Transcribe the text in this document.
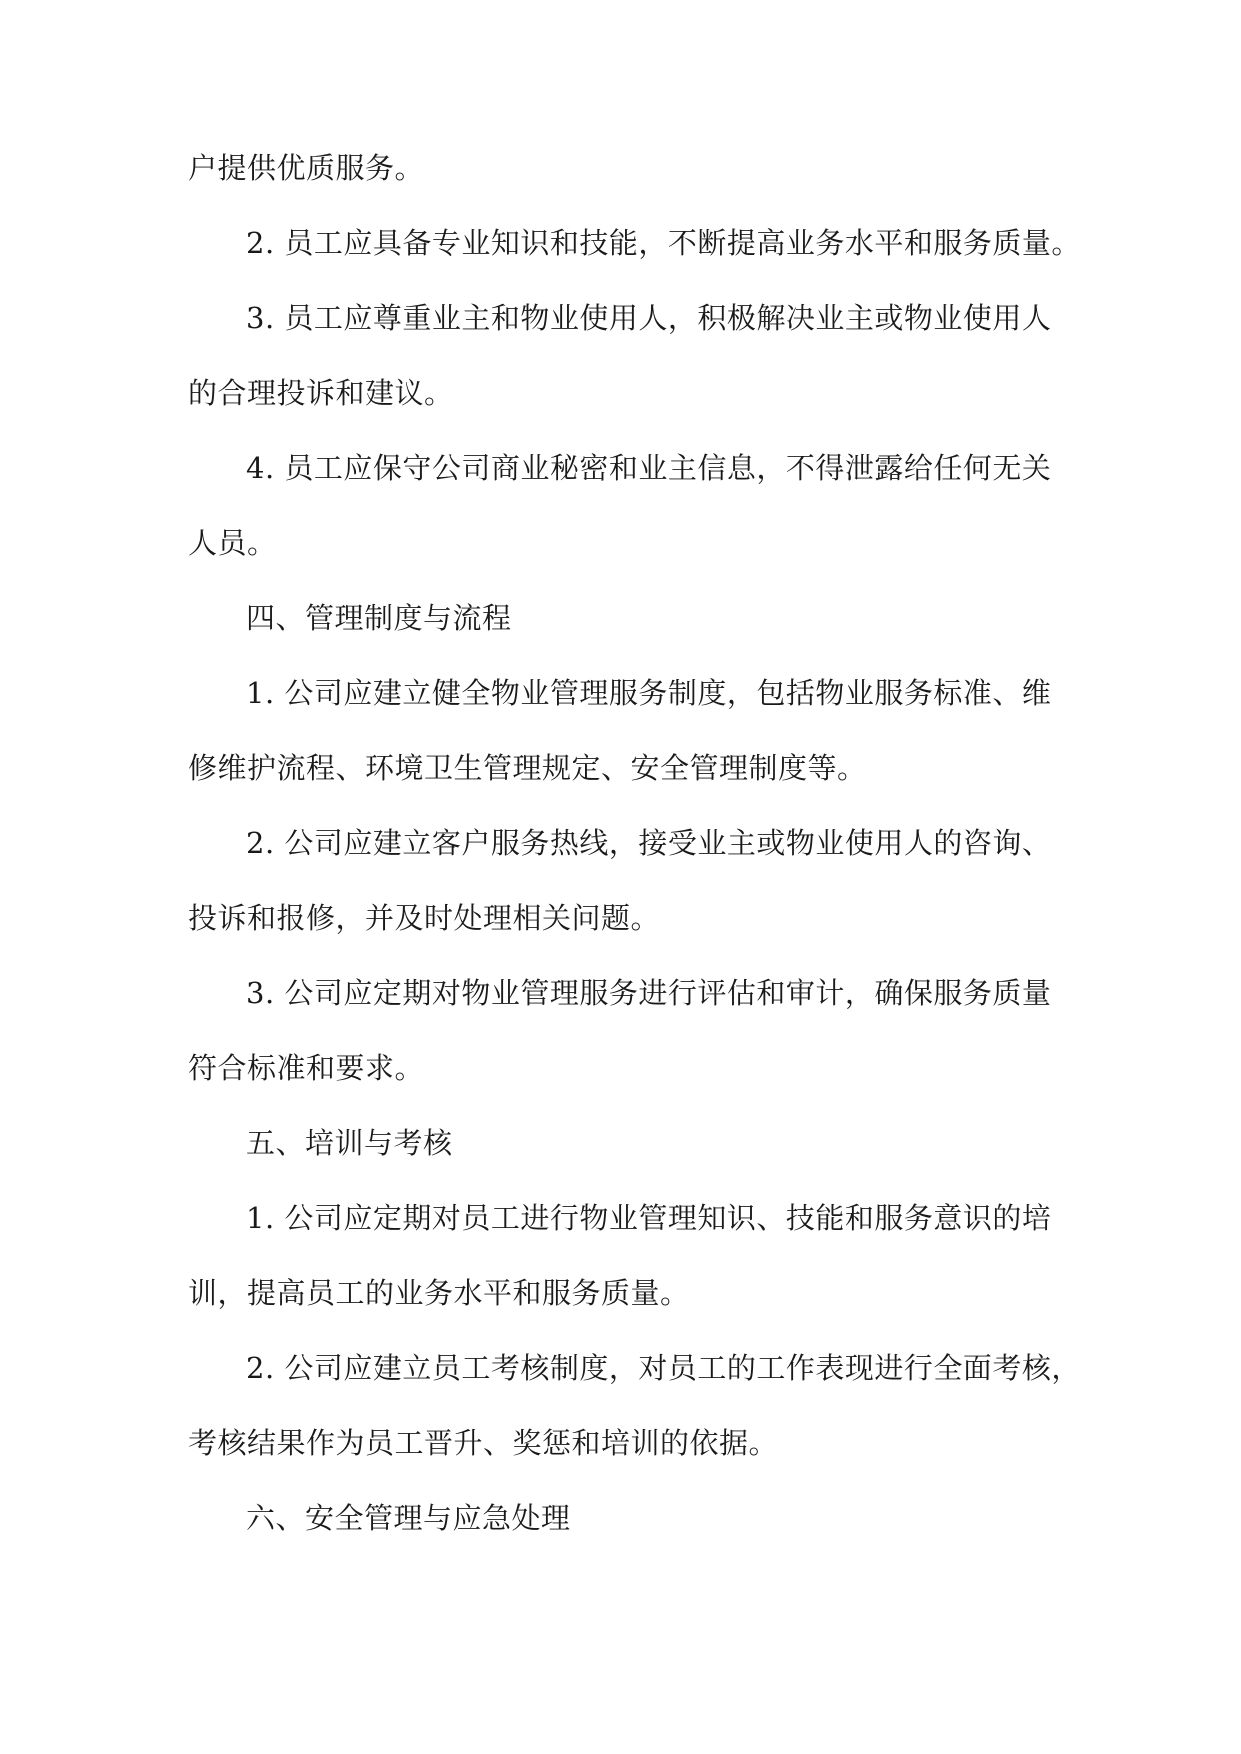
户提供优质服务。
2. 员工应具备专业知识和技能，不断提高业务水平和服务质量。
3. 员工应尊重业主和物业使用人，积极解决业主或物业使用人
的合理投诉和建议。
4. 员工应保守公司商业秘密和业主信息，不得泄露给任何无关
人员。
四、管理制度与流程
1. 公司应建立健全物业管理服务制度，包括物业服务标准、维
修维护流程、环境卫生管理规定、安全管理制度等。
2. 公司应建立客户服务热线，接受业主或物业使用人的咨询、
投诉和报修，并及时处理相关问题。
3. 公司应定期对物业管理服务进行评估和审计，确保服务质量
符合标准和要求。
五、培训与考核
1. 公司应定期对员工进行物业管理知识、技能和服务意识的培
训，提高员工的业务水平和服务质量。
2. 公司应建立员工考核制度，对员工的工作表现进行全面考核，
考核结果作为员工晋升、奖惩和培训的依据。
六、安全管理与应急处理
